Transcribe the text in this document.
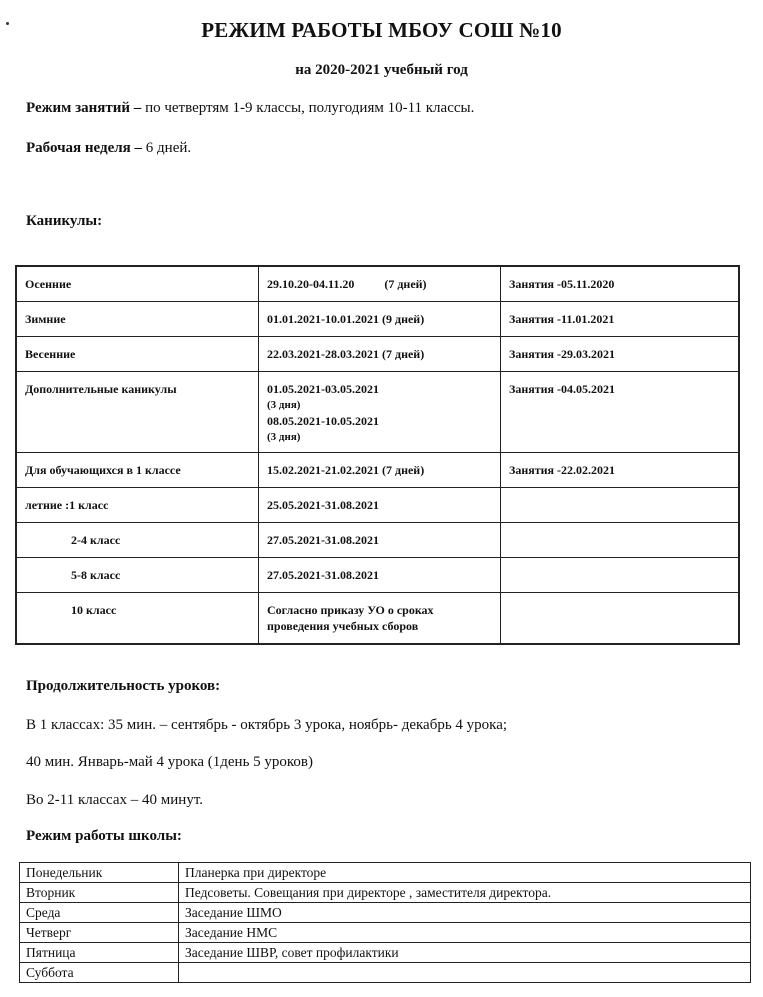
РЕЖИМ РАБОТЫ МБОУ СОШ №10
на 2020-2021 учебный год
Режим занятий – по четвертям 1-9 классы, полугодиям 10-11 классы.
Рабочая неделя – 6 дней.
Каникулы:
Осенние	29.10.20-04.11.20          (7 дней)	Занятия -05.11.2020
Зимние	01.01.2021-10.01.2021 (9 дней)	Занятия -11.01.2021
Весенние	22.03.2021-28.03.2021 (7 дней)	Занятия -29.03.2021
Дополнительные каникулы	01.05.2021-03.05.2021
(3 дня)
08.05.2021-10.05.2021
(3 дня)	Занятия -04.05.2021
Для обучающихся в 1 классе	15.02.2021-21.02.2021 (7 дней)	Занятия -22.02.2021
летние :1 класс	25.05.2021-31.08.2021	
2-4 класс	27.05.2021-31.08.2021	
5-8 класс	27.05.2021-31.08.2021	
10 класс	Согласно приказу УО о сроках проведения учебных сборов	
Продолжительность уроков:
В 1 классах: 35 мин. – сентябрь - октябрь 3 урока, ноябрь- декабрь 4 урока;
40 мин. Январь-май 4 урока (1день 5 уроков)
Во 2-11 классах – 40 минут.
Режим работы школы:
Понедельник	Планерка при директоре
Вторник	Педсоветы. Совещания при директоре , заместителя директора.
Среда	Заседание ШМО
Четверг	Заседание НМС
Пятница	Заседание ШВР, совет профилактики
Суббота	
